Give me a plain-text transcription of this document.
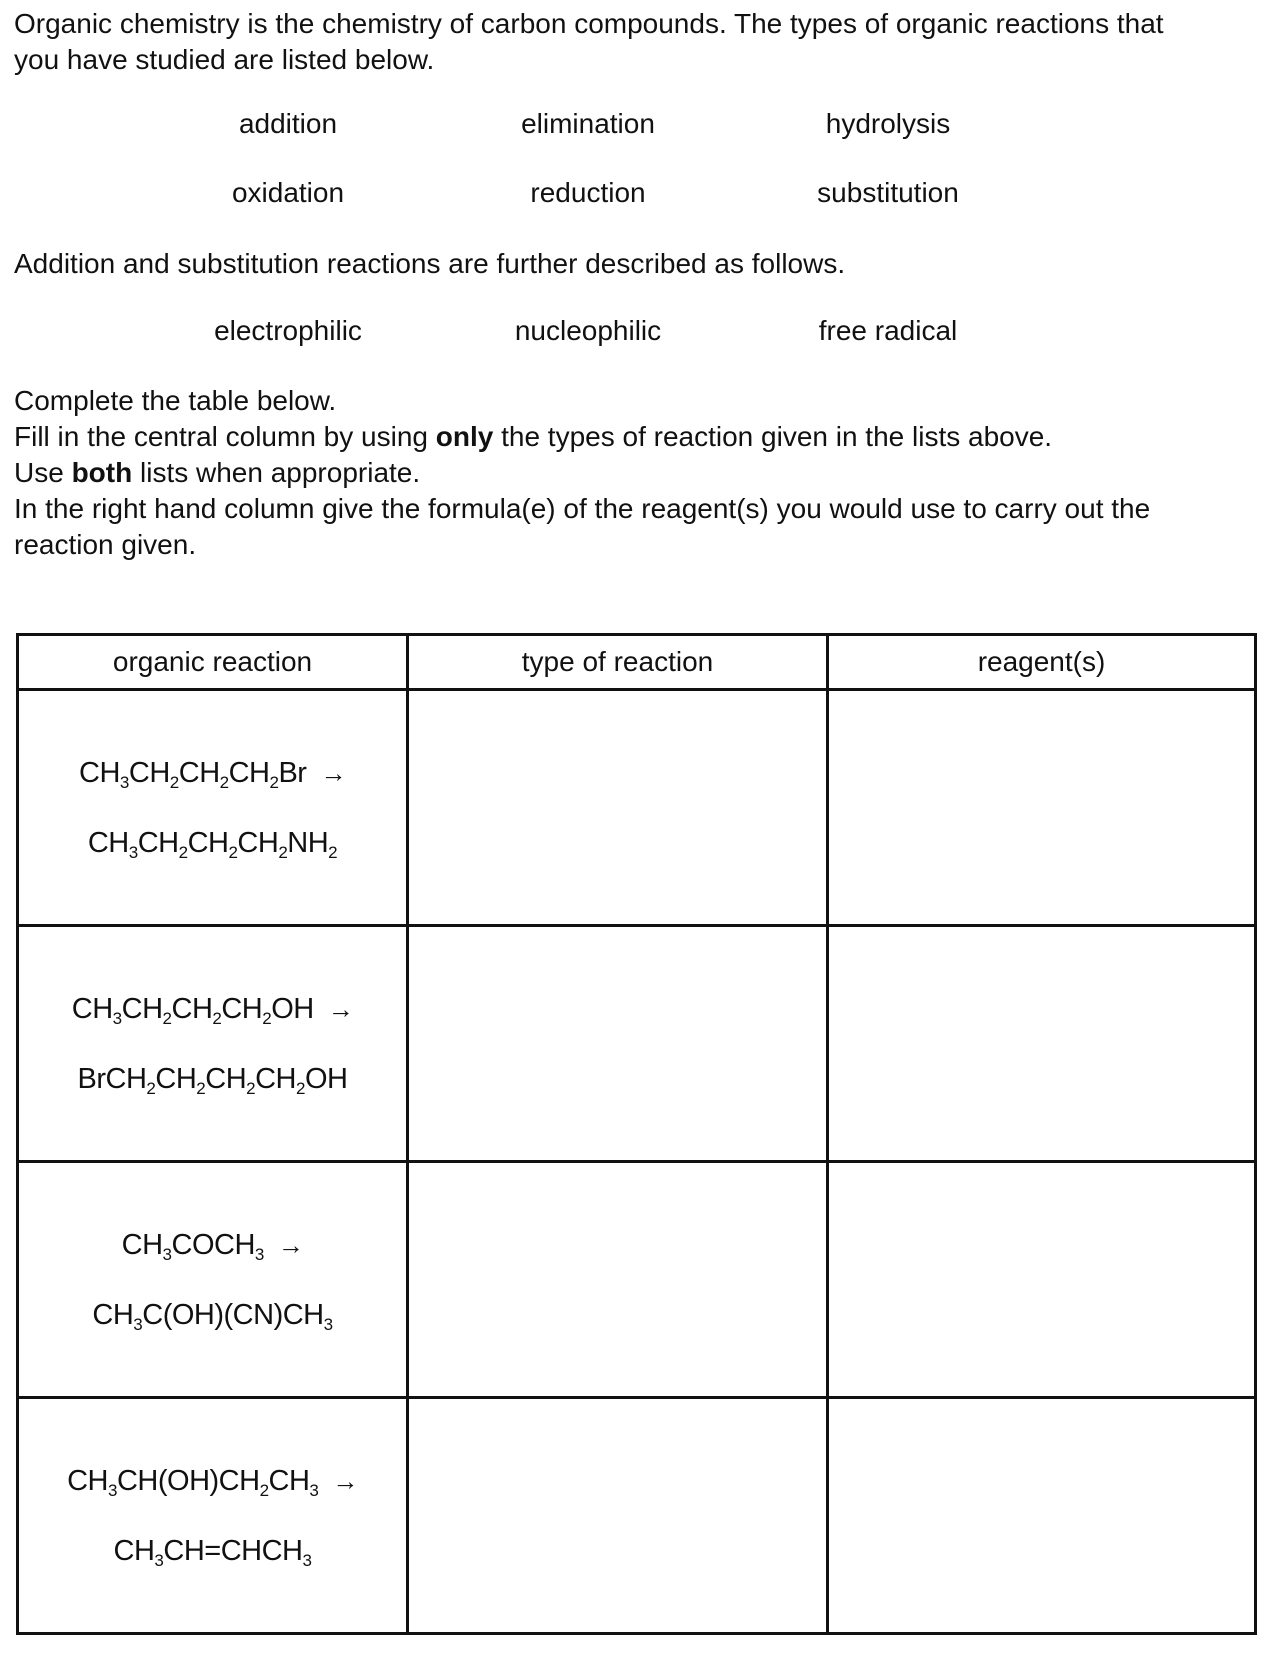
Organic chemistry is the chemistry of carbon compounds. The types of organic reactions that
you have studied are listed below.

addition	elimination	hydrolysis
oxidation	reduction	substitution

Addition and substitution reactions are further described as follows.

electrophilic	nucleophilic	free radical

Complete the table below.
Fill in the central column by using only the types of reaction given in the lists above.
Use both lists when appropriate.
In the right hand column give the formula(e) of the reagent(s) you would use to carry out the
reaction given.

organic reaction	type of reaction	reagent(s)

$CH_3CH_2CH_2CH_2Br$ →
$CH_3CH_2CH_2CH_2NH_2$

$CH_3CH_2CH_2CH_2OH$ →
$BrCH_2CH_2CH_2CH_2OH$		

$CH_3COCH_3$ →
$CH_3C(OH)(CN)CH_3$

$CH_3CH(OH)CH_2CH_3$ →
$CH_3CH=CHCH_3$
